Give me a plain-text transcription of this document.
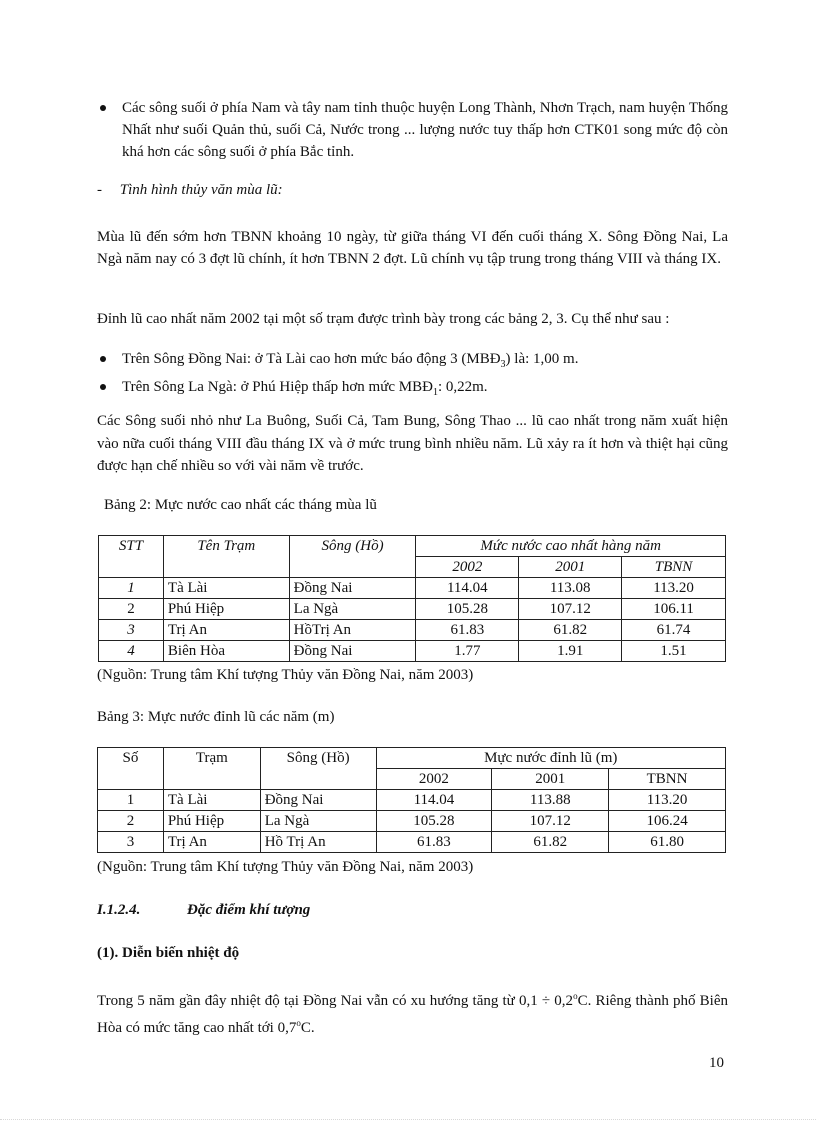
Các sông suối ở phía Nam và tây nam tỉnh thuộc huyện Long Thành, Nhơn Trạch, nam huyện Thống Nhất như suối Quản thủ, suối Cả, Nước trong ... lượng nước tuy thấp hơn CTK01 song mức độ còn khá hơn các sông suối ở phía Bắc tỉnh.
- Tình hình thủy văn mùa lũ:
Mùa lũ đến sớm hơn TBNN khoảng 10 ngày, từ giữa tháng VI đến cuối tháng X. Sông Đồng Nai, La Ngà năm nay có 3 đợt lũ chính, ít hơn TBNN 2 đợt. Lũ chính vụ tập trung trong tháng VIII và tháng IX.
Đỉnh lũ cao nhất năm 2002 tại một số trạm được trình bày trong các bảng 2, 3. Cụ thể như sau :
Trên Sông Đồng Nai: ở Tà Lài cao hơn mức báo động 3 $(MBĐ_3)$ là: 1,00 m.
Trên Sông La Ngà: ở Phú Hiệp thấp hơn mức $MBĐ_1$: 0,22m.
Các Sông suối nhỏ như La Buông, Suối Cả, Tam Bung, Sông Thao ... lũ cao nhất trong năm xuất hiện vào nữa cuối tháng VIII đầu tháng IX và ở mức trung bình nhiều năm. Lũ xảy ra ít hơn và thiệt hại cũng được hạn chế nhiều so với vài năm về trước.
Bảng 2: Mực nước cao nhất các tháng mùa lũ
STT	Tên Trạm	Sông (Hồ)	Mức nước cao nhất hàng năm		
			2002	2001	TBNN
1	Tà Lài	Đồng Nai	114.04	113.08	113.20
2	Phú Hiệp	La Ngà	105.28	107.12	106.11
3	Trị An	HồTrị An	61.83	61.82	61.74
4	Biên Hòa	Đồng Nai	1.77	1.91	1.51
(Nguồn: Trung tâm Khí tượng Thủy văn Đồng Nai, năm 2003)
Bảng 3: Mực nước đỉnh lũ các năm (m)
Số	Trạm	Sông (Hồ)	Mực nước đỉnh lũ (m)		
			2002	2001	TBNN
1	Tà Lài	Đồng Nai	114.04	113.88	113.20
2	Phú Hiệp	La Ngà	105.28	107.12	106.24
3	Trị An	Hồ Trị An	61.83	61.82	61.80
(Nguồn: Trung tâm Khí tượng Thủy văn Đồng Nai, năm 2003)
I.1.2.4.	Đặc điểm khí tượng
(1). Diễn biến nhiệt độ
Trong 5 năm gần đây nhiệt độ tại Đồng Nai vẫn có xu hướng tăng từ $0,1 \div 0,2^oC$. Riêng thành phố Biên Hòa có mức tăng cao nhất tới 0,7$^o$C.
10
